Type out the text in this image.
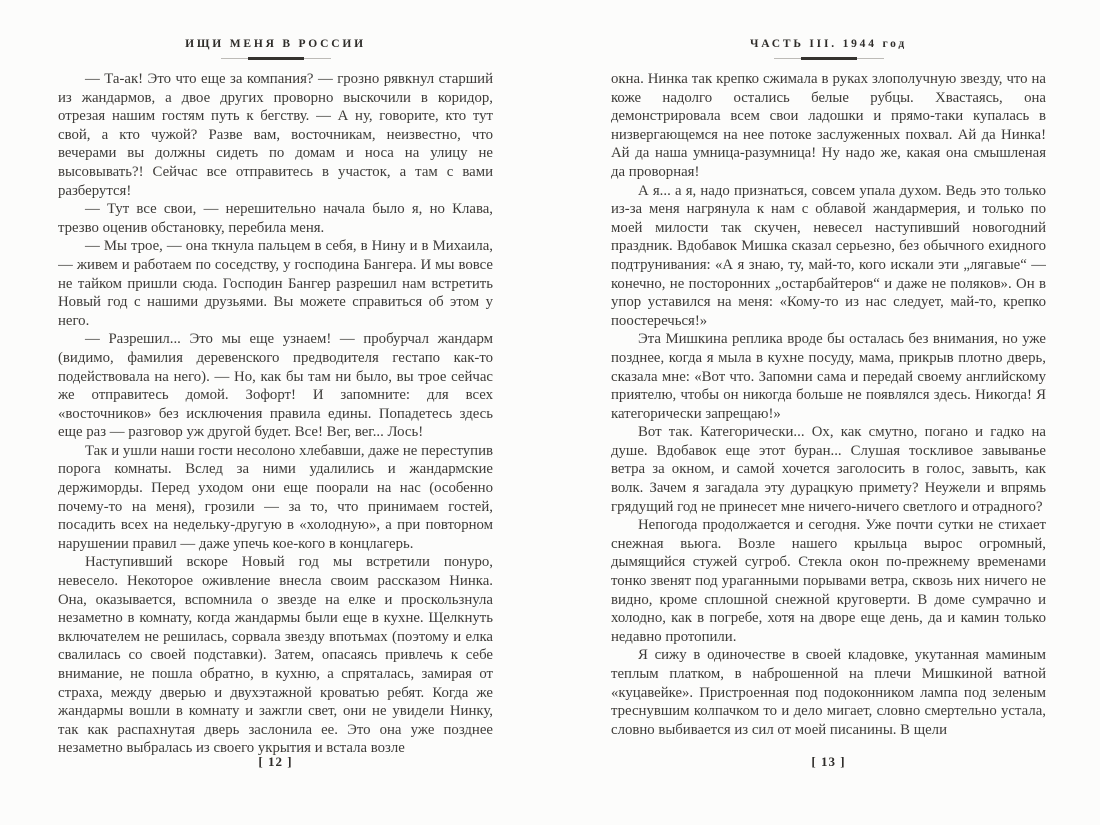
ИЩИ МЕНЯ В РОССИИ

— Та-ак! Это что еще за компания? — грозно рявкнул старший из жандармов, а двое других проворно выскочили в коридор, отрезая нашим гостям путь к бегству. — А ну, говорите, кто тут свой, а кто чужой? Разве вам, восточникам, неизвестно, что вечерами вы должны сидеть по домам и носа на улицу не высовывать?! Сейчас все отправитесь в участок, а там с вами разберутся!

— Тут все свои, — нерешительно начала было я, но Клава, трезво оценив обстановку, перебила меня.

— Мы трое, — она ткнула пальцем в себя, в Нину и в Михаила, — живем и работаем по соседству, у господина Бангера. И мы вовсе не тайком пришли сюда. Господин Бангер разрешил нам встретить Новый год с нашими друзьями. Вы можете справиться об этом у него.

— Разрешил... Это мы еще узнаем! — пробурчал жандарм (видимо, фамилия деревенского предводителя гестапо как-то подействовала на него). — Но, как бы там ни было, вы трое сейчас же отправитесь домой. Зофорт! И запомните: для всех «восточников» без исключения правила едины. Попадетесь здесь еще раз — разговор уж другой будет. Все! Вег, вег... Лось!

Так и ушли наши гости несолоно хлебавши, даже не переступив порога комнаты. Вслед за ними удалились и жандармские держиморды. Перед уходом они еще поорали на нас (особенно почему-то на меня), грозили — за то, что принимаем гостей, посадить всех на недельку-другую в «холодную», а при повторном нарушении правил — даже упечь кое-кого в концлагерь.

Наступивший вскоре Новый год мы встретили понуро, невесело. Некоторое оживление внесла своим рассказом Нинка. Она, оказывается, вспомнила о звезде на елке и проскользнула незаметно в комнату, когда жандармы были еще в кухне. Щелкнуть включателем не решилась, сорвала звезду впотьмах (поэтому и елка свалилась со своей подставки). Затем, опасаясь привлечь к себе внимание, не пошла обратно, в кухню, а спряталась, замирая от страха, между дверью и двухэтажной кроватью ребят. Когда же жандармы вошли в комнату и зажгли свет, они не увидели Нинку, так как распахнутая дверь заслонила ее. Это она уже позднее незаметно выбралась из своего укрытия и встала возле

[ 12 ]
ЧАСТЬ III. 1944 год

окна. Нинка так крепко сжимала в руках злополучную звезду, что на коже надолго остались белые рубцы. Хвастаясь, она демонстрировала всем свои ладошки и прямо-таки купалась в низвергающемся на нее потоке заслуженных похвал. Ай да Нинка! Ай да наша умница-разумница! Ну надо же, какая она смышленая да проворная!

А я... а я, надо признаться, совсем упала духом. Ведь это только из-за меня нагрянула к нам с облавой жандармерия, и только по моей милости так скучен, невесел наступивший новогодний праздник. Вдобавок Мишка сказал серьезно, без обычного ехидного подтрунивания: «А я знаю, ту, май-то, кого искали эти „лягавые“ — конечно, не посторонних „остарбайтеров“ и даже не поляков». Он в упор уставился на меня: «Кому-то из нас следует, май-то, крепко поостеречься!»

Эта Мишкина реплика вроде бы осталась без внимания, но уже позднее, когда я мыла в кухне посуду, мама, прикрыв плотно дверь, сказала мне: «Вот что. Запомни сама и передай своему английскому приятелю, чтобы он никогда больше не появлялся здесь. Никогда! Я категорически запрещаю!»

Вот так. Категорически... Ох, как смутно, погано и гадко на душе. Вдобавок еще этот буран... Слушая тоскливое завыванье ветра за окном, и самой хочется заголосить в голос, завыть, как волк. Зачем я загадала эту дурацкую примету? Неужели и впрямь грядущий год не принесет мне ничего-ничего светлого и отрадного?

Непогода продолжается и сегодня. Уже почти сутки не стихает снежная вьюга. Возле нашего крыльца вырос огромный, дымящийся стужей сугроб. Стекла окон по-прежнему временами тонко звенят под ураганными порывами ветра, сквозь них ничего не видно, кроме сплошной снежной круговерти. В доме сумрачно и холодно, как в погребе, хотя на дворе еще день, да и камин только недавно протопили.

Я сижу в одиночестве в своей кладовке, укутанная маминым теплым платком, в наброшенной на плечи Мишкиной ватной «куцавейке». Пристроенная под подоконником лампа под зеленым треснувшим колпачком то и дело мигает, словно смертельно устала, словно выбивается из сил от моей писанины. В щели

[ 13 ]
